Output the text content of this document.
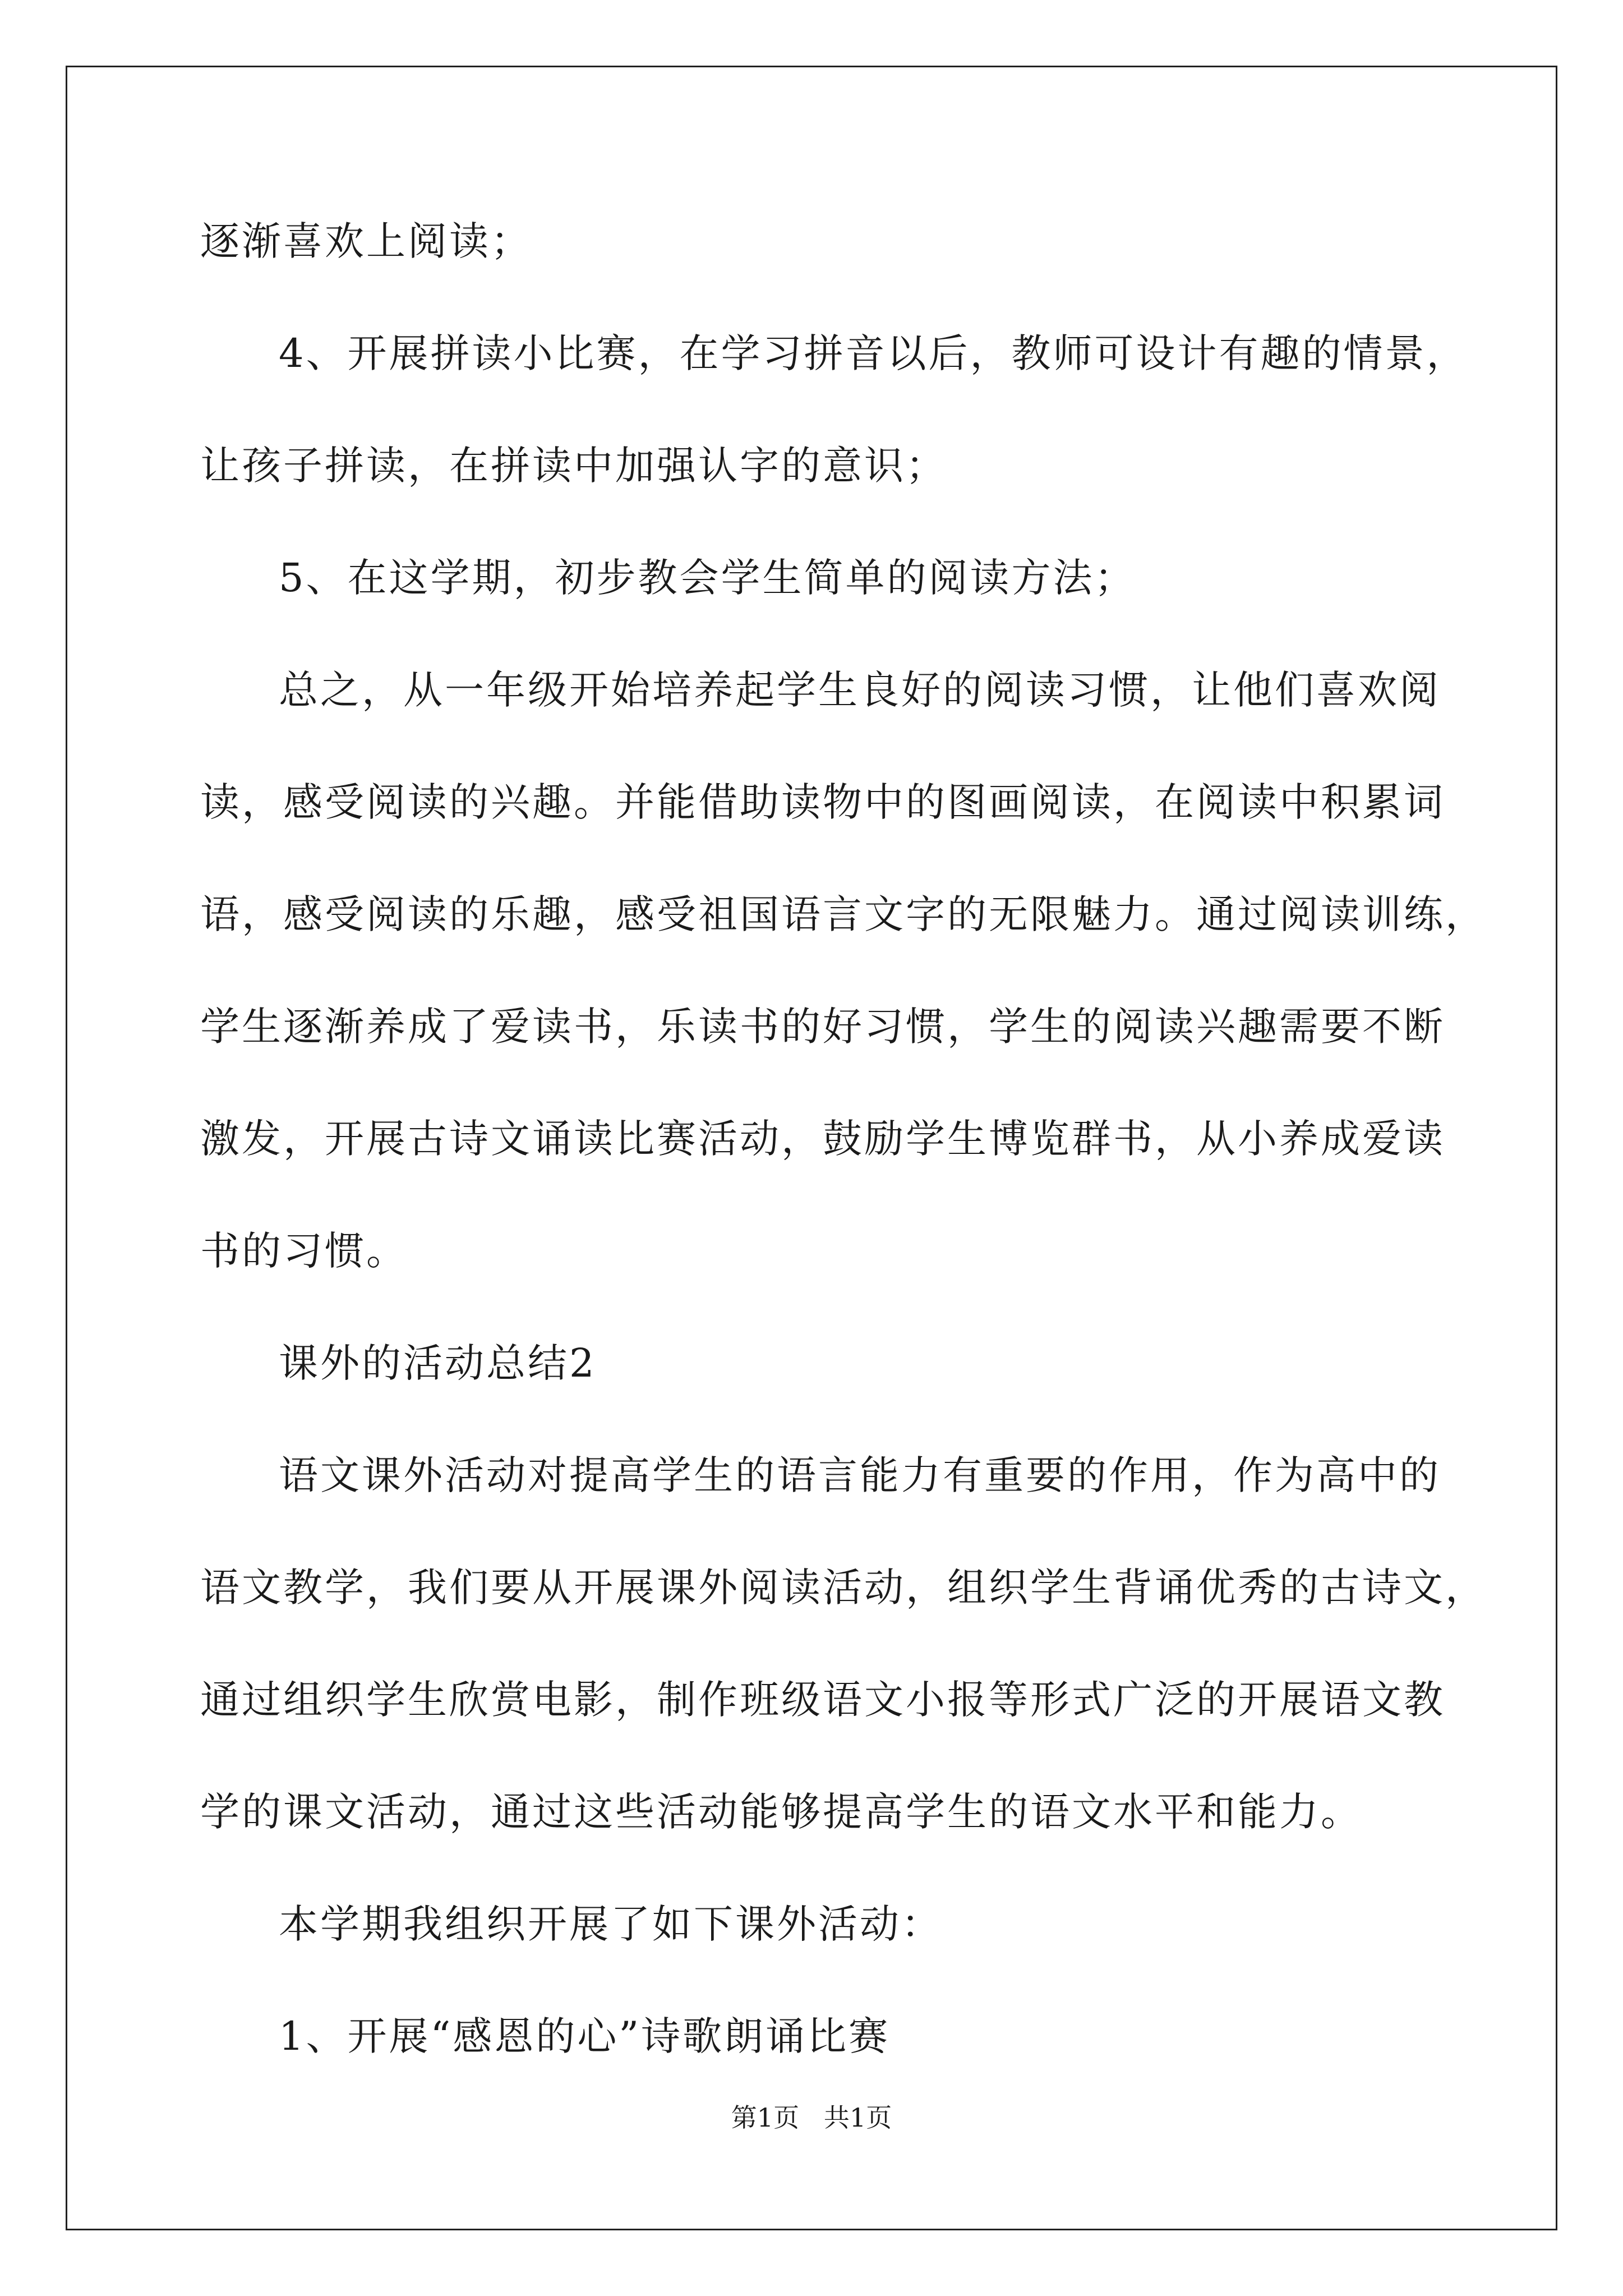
逐渐喜欢上阅读；
4、开展拼读小比赛，在学习拼音以后，教师可设计有趣的情景，
让孩子拼读，在拼读中加强认字的意识；
5、在这学期，初步教会学生简单的阅读方法；
总之，从一年级开始培养起学生良好的阅读习惯，让他们喜欢阅
读，感受阅读的兴趣。并能借助读物中的图画阅读，在阅读中积累词
语，感受阅读的乐趣，感受祖国语言文字的无限魅力。通过阅读训练，
学生逐渐养成了爱读书，乐读书的好习惯，学生的阅读兴趣需要不断
激发，开展古诗文诵读比赛活动，鼓励学生博览群书，从小养成爱读
书的习惯。
课外的活动总结2
语文课外活动对提高学生的语言能力有重要的作用，作为高中的
语文教学，我们要从开展课外阅读活动，组织学生背诵优秀的古诗文，
通过组织学生欣赏电影，制作班级语文小报等形式广泛的开展语文教
学的课文活动，通过这些活动能够提高学生的语文水平和能力。
本学期我组织开展了如下课外活动：
1、开展“感恩的心”诗歌朗诵比赛
第1页   共1页
